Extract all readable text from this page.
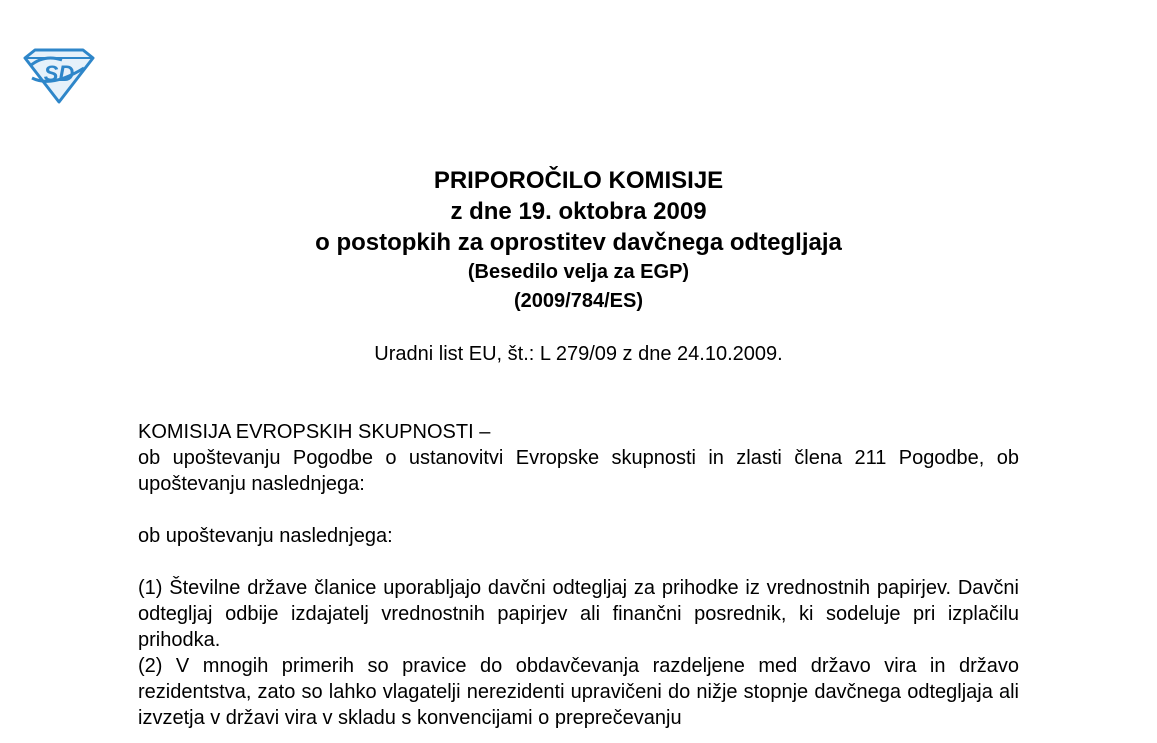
SD

PRIPOROČILO KOMISIJE

z dne 19. oktobra 2009

o postopkih za oprostitev davčnega odtegljaja

(Besedilo velja za EGP)

(2009/784/ES)

Uradni list EU, št.: L 279/09 z dne 24.10.2009.

KOMISIJA EVROPSKIH SKUPNOSTI –

ob upoštevanju Pogodbe o ustanovitvi Evropske skupnosti in zlasti člena 211 Pogodbe, ob upoštevanju naslednjega:

ob upoštevanju naslednjega:

(1) Številne države članice uporabljajo davčni odtegljaj za prihodke iz vrednostnih papirjev. Davčni odtegljaj odbije izdajatelj vrednostnih papirjev ali finančni posrednik, ki sodeluje pri izplačilu prihodka.

(2) V mnogih primerih so pravice do obdavčevanja razdeljene med državo vira in državo rezidentstva, zato so lahko vlagatelji nerezidenti upravičeni do nižje stopnje davčnega odtegljaja ali izvzetja v državi vira v skladu s konvencijami o preprečevanju
